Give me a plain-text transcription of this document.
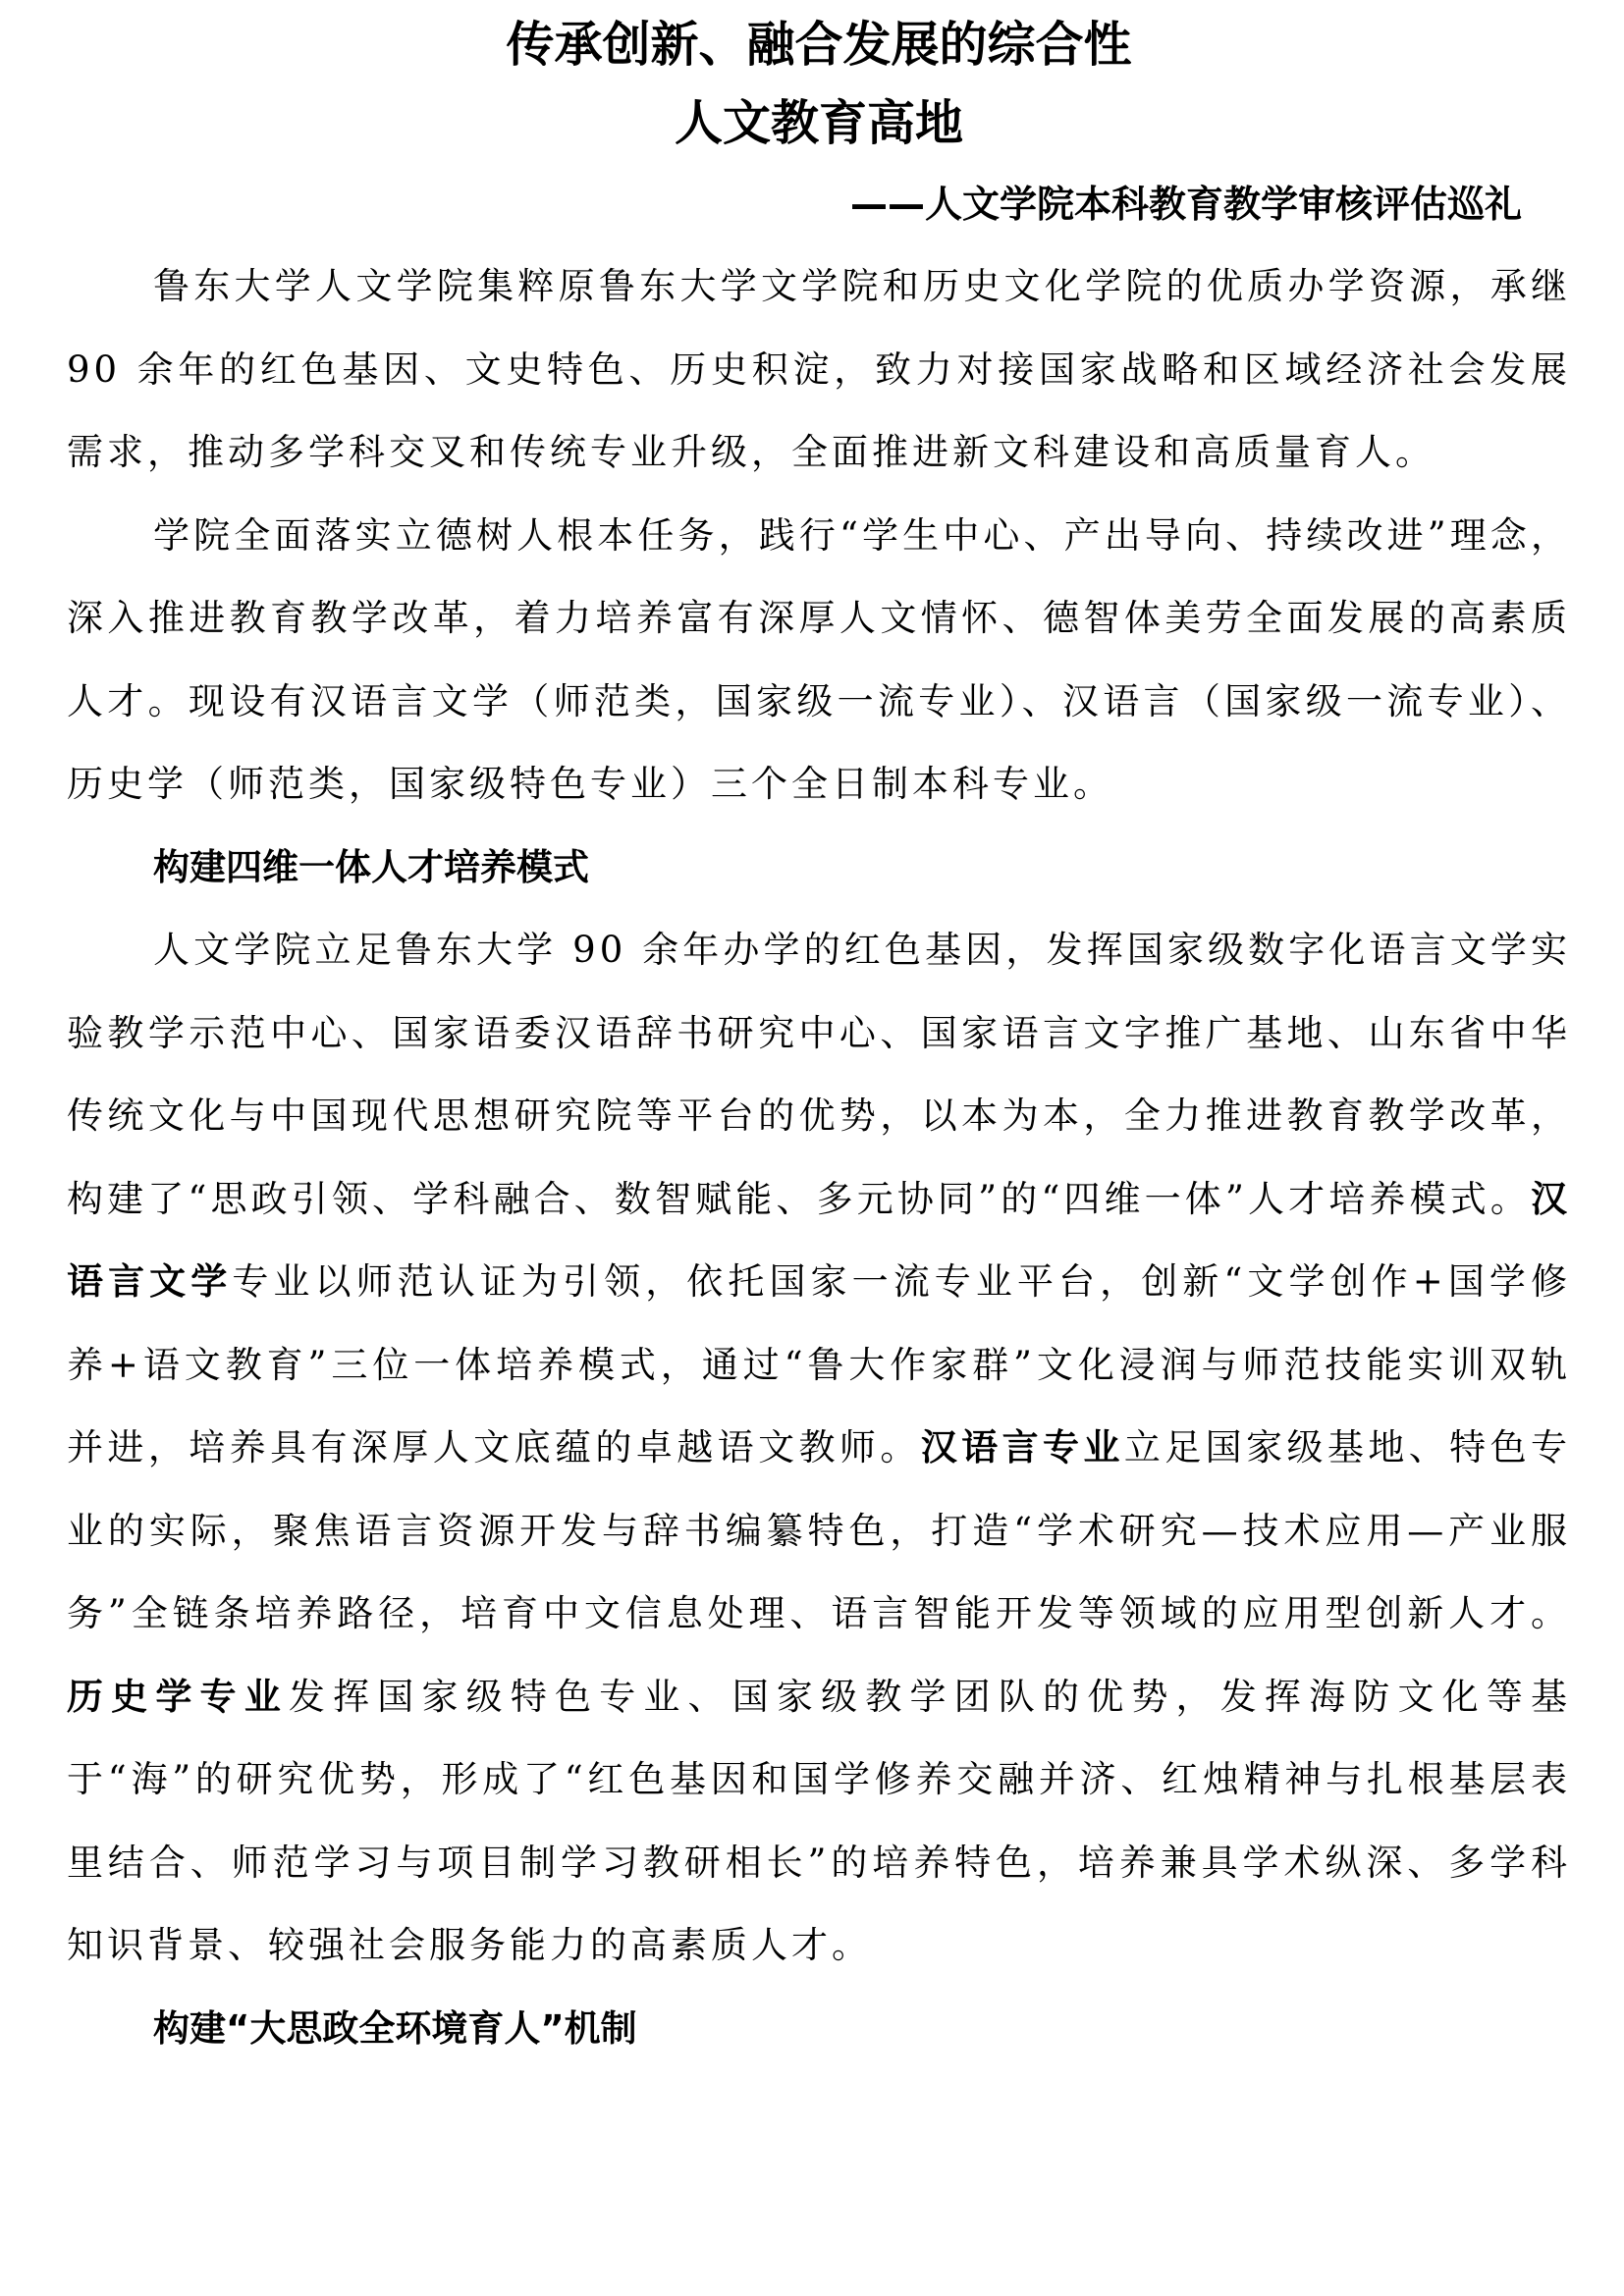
传承创新、融合发展的综合性
人文教育高地

——人文学院本科教育教学审核评估巡礼

鲁东大学人文学院集粹原鲁东大学文学院和历史文化学院的优质办学资源，承继 90 余年的红色基因、文史特色、历史积淀，致力对接国家战略和区域经济社会发展需求，推动多学科交叉和传统专业升级，全面推进新文科建设和高质量育人。

学院全面落实立德树人根本任务，践行“学生中心、产出导向、持续改进”理念，深入推进教育教学改革，着力培养富有深厚人文情怀、德智体美劳全面发展的高素质人才。现设有汉语言文学（师范类，国家级一流专业）、汉语言（国家级一流专业）、历史学（师范类，国家级特色专业）三个全日制本科专业。

构建四维一体人才培养模式

人文学院立足鲁东大学 90 余年办学的红色基因，发挥国家级数字化语言文学实验教学示范中心、国家语委汉语辞书研究中心、国家语言文字推广基地、山东省中华传统文化与中国现代思想研究院等平台的优势，以本为本，全力推进教育教学改革，构建了“思政引领、学科融合、数智赋能、多元协同”的“四维一体”人才培养模式。汉语言文学专业以师范认证为引领，依托国家一流专业平台，创新“文学创作+国学修养+语文教育”三位一体培养模式，通过“鲁大作家群”文化浸润与师范技能实训双轨并进，培养具有深厚人文底蕴的卓越语文教师。汉语言专业立足国家级基地、特色专业的实际，聚焦语言资源开发与辞书编纂特色，打造“学术研究—技术应用—产业服务”全链条培养路径，培育中文信息处理、语言智能开发等领域的应用型创新人才。历史学专业发挥国家级特色专业、国家级教学团队的优势，发挥海防文化等基于“海”的研究优势，形成了“红色基因和国学修养交融并济、红烛精神与扎根基层表里结合、师范学习与项目制学习教研相长”的培养特色，培养兼具学术纵深、多学科知识背景、较强社会服务能力的高素质人才。

构建“大思政全环境育人”机制
